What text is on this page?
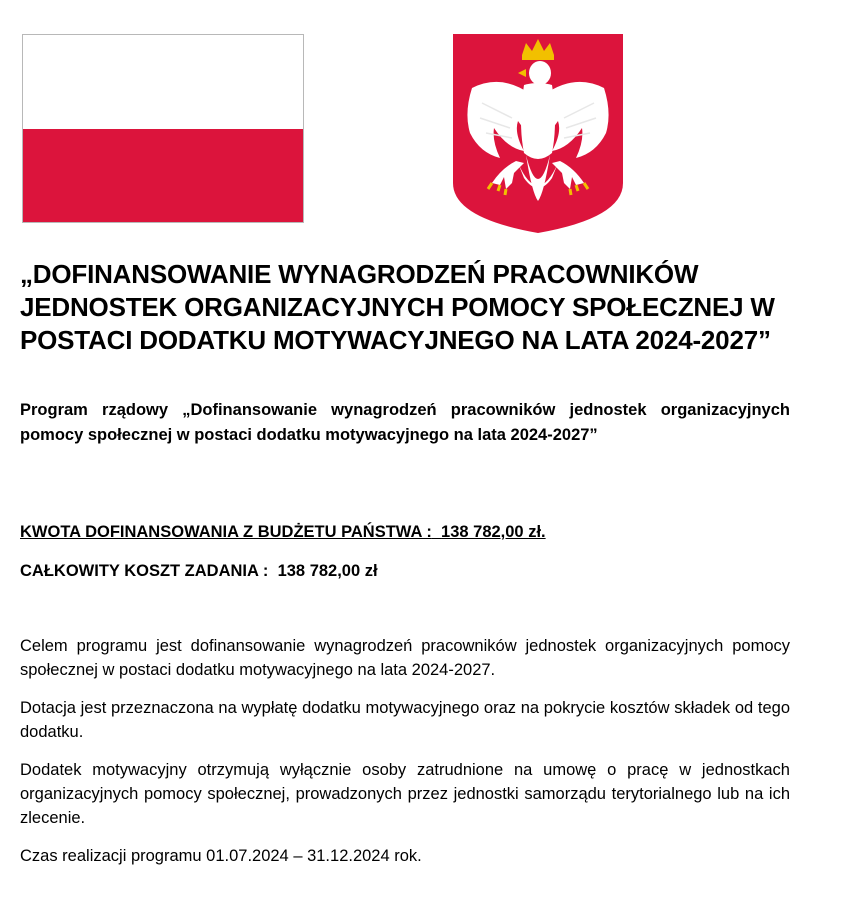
„DOFINANSOWANIE WYNAGRODZEŃ PRACOWNIKÓW JEDNOSTEK ORGANIZACYJNYCH POMOCY SPOŁECZNEJ W POSTACI DODATKU MOTYWACYJNEGO NA LATA 2024-2027”

Program rządowy „Dofinansowanie wynagrodzeń pracowników jednostek organizacyjnych pomocy społecznej w postaci dodatku motywacyjnego na lata 2024-2027”

KWOTA DOFINANSOWANIA Z BUDŻETU PAŃSTWA : 138 782,00 zł.
CAŁKOWITY KOSZT ZADANIA : 138 782,00 zł

Celem programu jest dofinansowanie wynagrodzeń pracowników jednostek organizacyjnych pomocy społecznej w postaci dodatku motywacyjnego na lata 2024-2027.

Dotacja jest przeznaczona na wypłatę dodatku motywacyjnego oraz na pokrycie kosztów składek od tego dodatku.

Dodatek motywacyjny otrzymują wyłącznie osoby zatrudnione na umowę o pracę w jednostkach organizacyjnych pomocy społecznej, prowadzonych przez jednostki samorządu terytorialnego lub na ich zlecenie.

Czas realizacji programu 01.07.2024 – 31.12.2024 rok.
